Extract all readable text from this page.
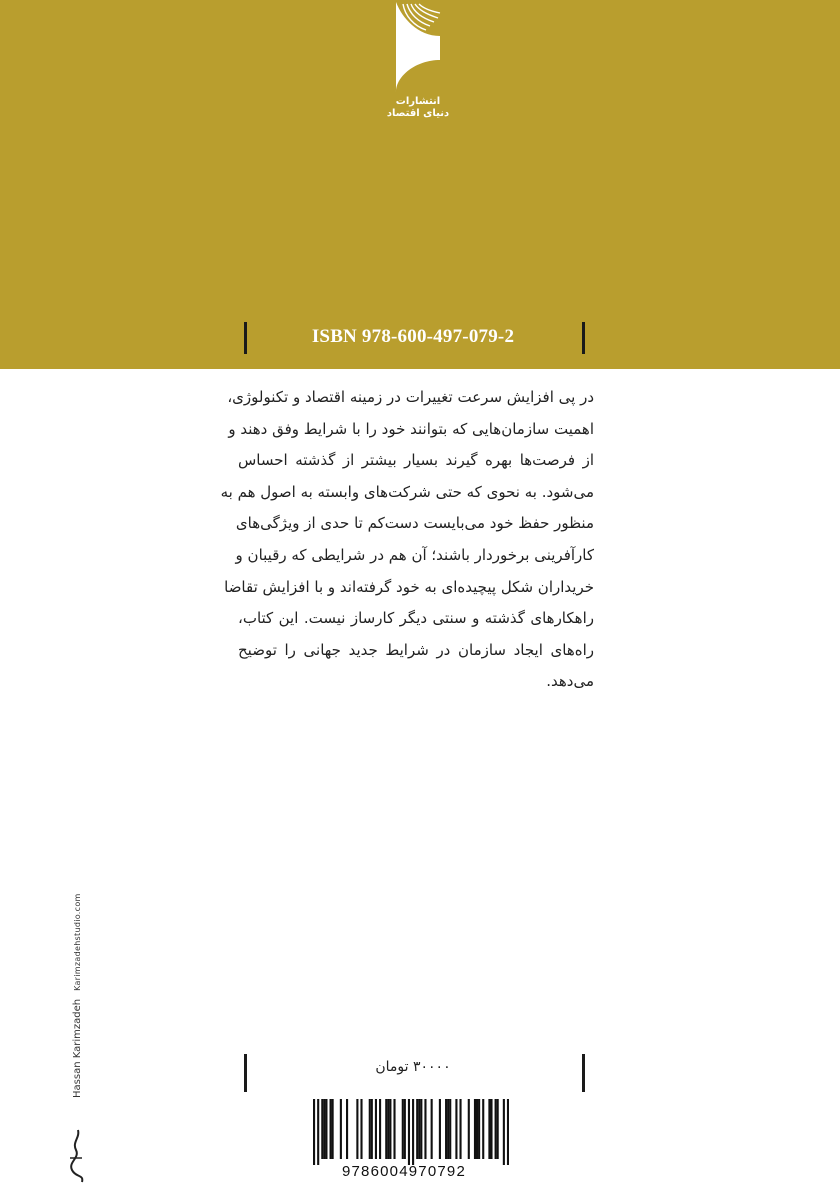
انتشارات
دنیای اقتصاد
ISBN 978-600-497-079-2
در پی افزایش سرعت تغییرات در زمینه اقتصاد و تکنولوژی،
اهمیت سازمان‌هایی که بتوانند خود را با شرایط وفق دهند و
از فرصت‌ها بهره گیرند بسیار بیشتر از گذشته احساس
می‌شود. به نحوی که حتی شرکت‌های وابسته به اصول هم به
منظور حفظ خود می‌بایست دست‌کم تا حدی از ویژگی‌های
کارآفرینی برخوردار باشند؛ آن هم در شرایطی که رقیبان و
خریداران شکل پیچیده‌ای به خود گرفته‌اند و با افزایش تقاضا
راهکارهای گذشته و سنتی دیگر کارساز نیست. این کتاب،
راه‌های ایجاد سازمان در شرایط جدید جهانی را توضیح
می‌دهد.
Hassan KarimzadehKarimzadehstudio.com
۳۰۰۰۰ تومان
9786004970792
